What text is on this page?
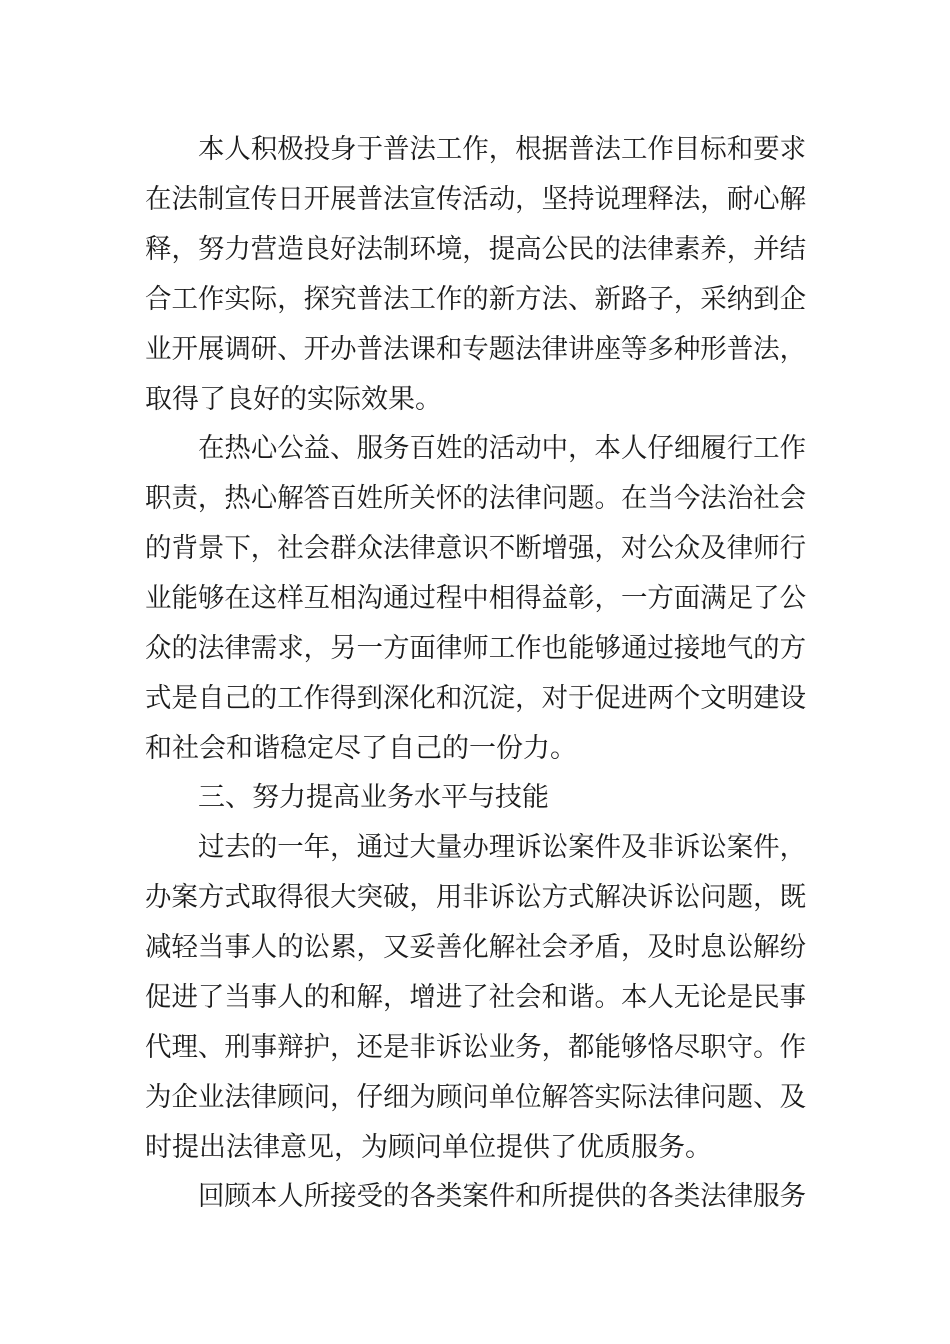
本人积极投身于普法工作，根据普法工作目标和要求
在法制宣传日开展普法宣传活动，坚持说理释法，耐心解
释，努力营造良好法制环境，提高公民的法律素养，并结
合工作实际，探究普法工作的新方法、新路子，采纳到企
业开展调研、开办普法课和专题法律讲座等多种形普法，
取得了良好的实际效果。
在热心公益、服务百姓的活动中，本人仔细履行工作
职责，热心解答百姓所关怀的法律问题。在当今法治社会
的背景下，社会群众法律意识不断增强，对公众及律师行
业能够在这样互相沟通过程中相得益彰，一方面满足了公
众的法律需求，另一方面律师工作也能够通过接地气的方
式是自己的工作得到深化和沉淀，对于促进两个文明建设
和社会和谐稳定尽了自己的一份力。
三、努力提高业务水平与技能
过去的一年，通过大量办理诉讼案件及非诉讼案件，
办案方式取得很大突破，用非诉讼方式解决诉讼问题，既
减轻当事人的讼累，又妥善化解社会矛盾，及时息讼解纷
促进了当事人的和解，增进了社会和谐。本人无论是民事
代理、刑事辩护，还是非诉讼业务，都能够恪尽职守。作
为企业法律顾问，仔细为顾问单位解答实际法律问题、及
时提出法律意见，为顾问单位提供了优质服务。
回顾本人所接受的各类案件和所提供的各类法律服务
